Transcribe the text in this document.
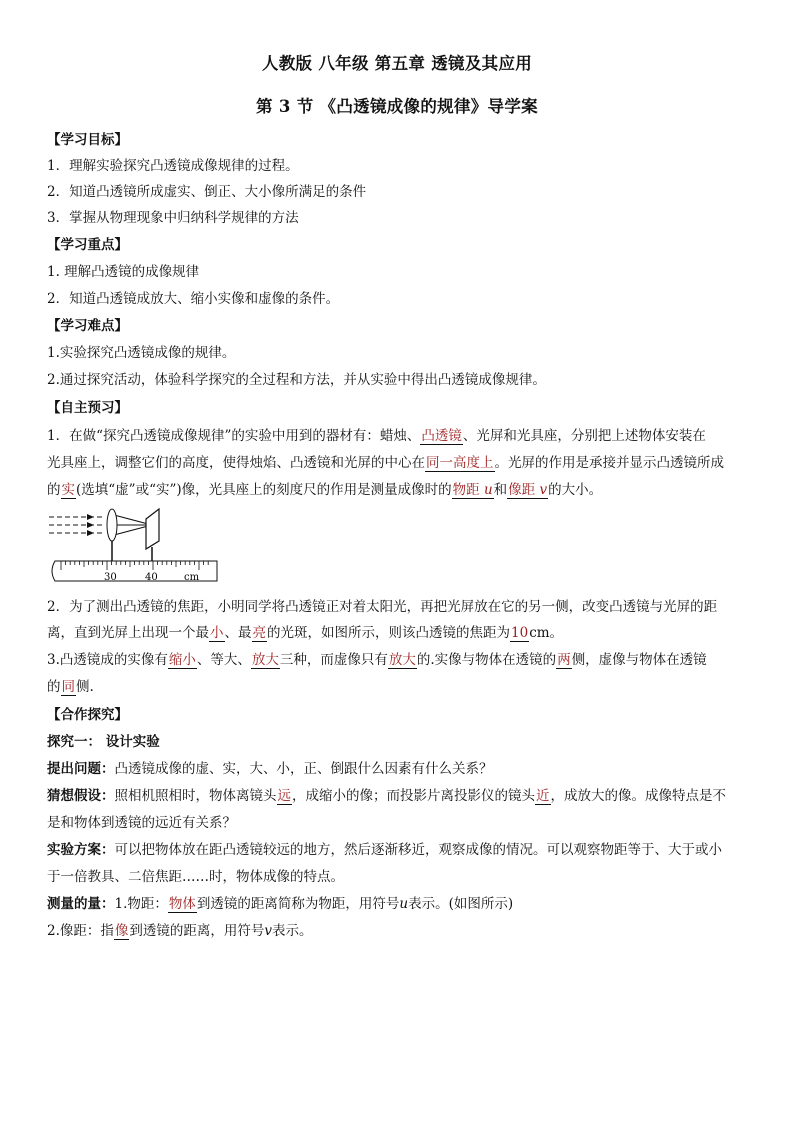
人教版 八年级 第五章 透镜及其应用
第 3 节 《凸透镜成像的规律》导学案
【学习目标】
1．理解实验探究凸透镜成像规律的过程。
2．知道凸透镜所成虚实、倒正、大小像所满足的条件
3．掌握从物理现象中归纳科学规律的方法
【学习重点】
1. 理解凸透镜的成像规律
2．知道凸透镜成放大、缩小实像和虚像的条件。
【学习难点】
1.实验探究凸透镜成像的规律。
2.通过探究活动，体验科学探究的全过程和方法，并从实验中得出凸透镜成像规律。
【自主预习】
1．在做“探究凸透镜成像规律”的实验中用到的器材有：蜡烛、凸透镜、光屏和光具座，分别把上述物体安装在
光具座上，调整它们的高度，使得烛焰、凸透镜和光屏的中心在同一高度上。光屏的作用是承接并显示凸透镜所成
的实(选填“虚”或“实”)像，光具座上的刻度尺的作用是测量成像时的物距 u和像距 v的大小。
30	40	cm
2．为了测出凸透镜的焦距，小明同学将凸透镜正对着太阳光，再把光屏放在它的另一侧，改变凸透镜与光屏的距
离，直到光屏上出现一个最小、最亮的光斑，如图所示，则该凸透镜的焦距为10cm。
3.凸透镜成的实像有缩小、等大、放大三种，而虚像只有放大的.实像与物体在透镜的两侧，虚像与物体在透镜
的同侧.
【合作探究】
探究一： 设计实验
提出问题：凸透镜成像的虚、实，大、小，正、倒跟什么因素有什么关系？
猜想假设：照相机照相时，物体离镜头远，成缩小的像；而投影片离投影仪的镜头近，成放大的像。成像特点是不
是和物体到透镜的远近有关系？
实验方案：可以把物体放在距凸透镜较远的地方，然后逐渐移近，观察成像的情况。可以观察物距等于、大于或小
于一倍教具、二倍焦距……时，物体成像的特点。
测量的量：1.物距：物体到透镜的距离简称为物距，用符号u表示。(如图所示)
2.像距：指像到透镜的距离，用符号v表示。
